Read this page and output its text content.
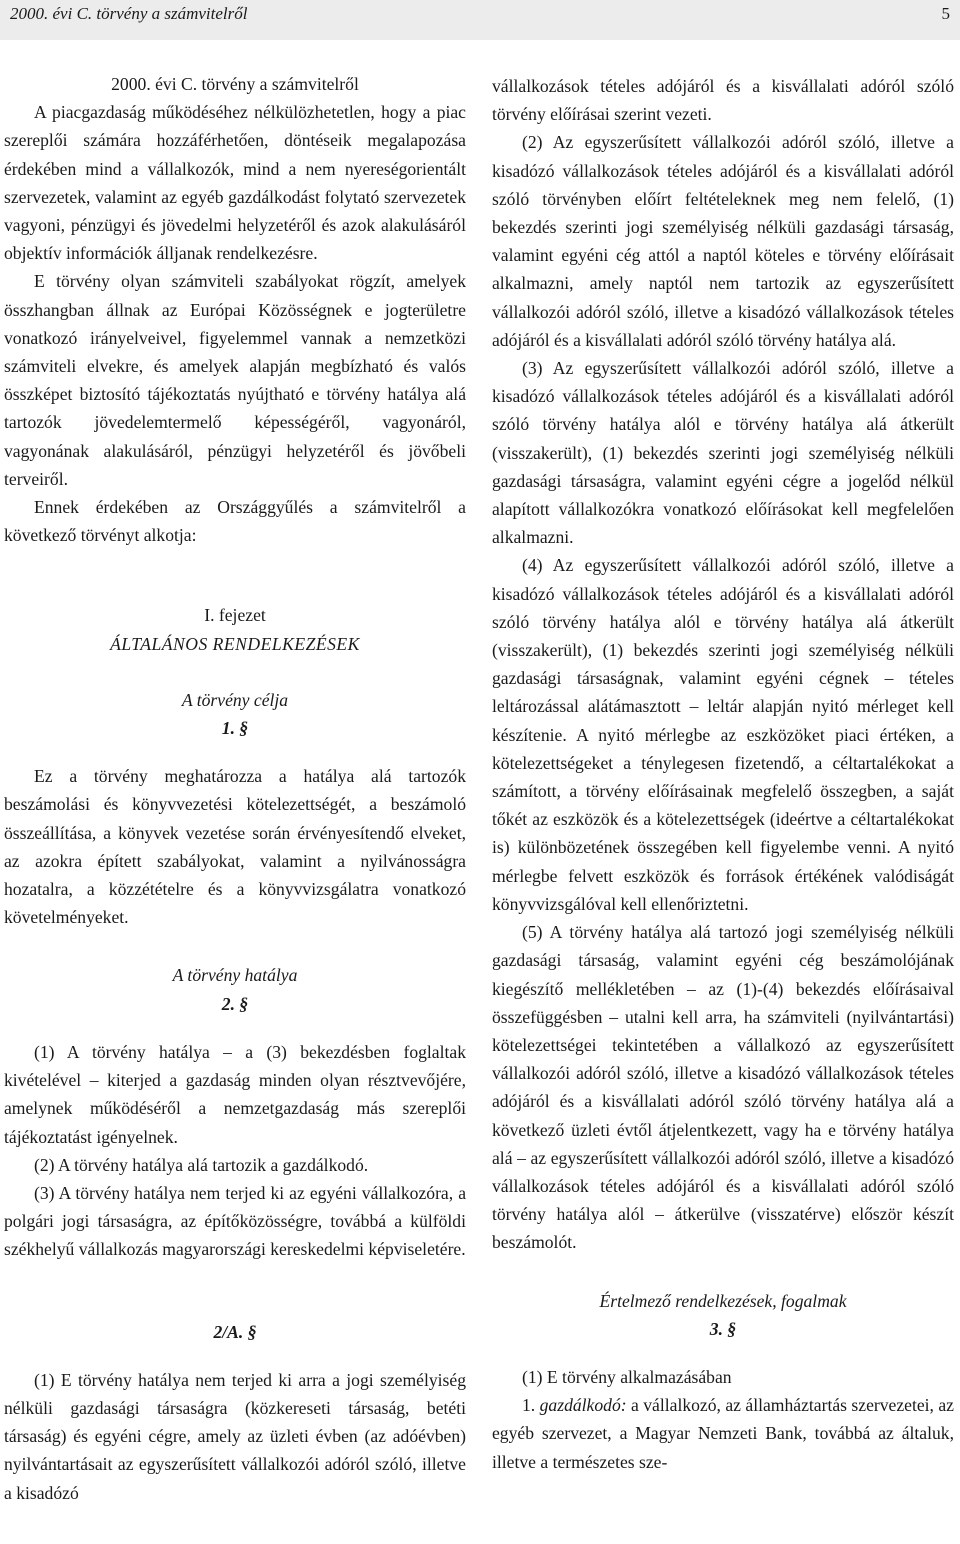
2000. évi C. törvény a számvitelről	5

2000. évi C. törvény a számvitelről

A piacgazdaság működéséhez nélkülözhetetlen, hogy a piac szereplői számára hozzáférhetően, döntéseik megalapozása érdekében mind a vállalkozók, mind a nem nyereségorientált szervezetek, valamint az egyéb gazdálkodást folytató szervezetek vagyoni, pénzügyi és jövedelmi helyzetéről és azok alakulásáról objektív információk álljanak rendelkezésre.

E törvény olyan számviteli szabályokat rögzít, amelyek összhangban állnak az Európai Közösségnek e jogterületre vonatkozó irányelveivel, figyelemmel vannak a nemzetközi számviteli elvekre, és amelyek alapján megbízható és valós összképet biztosító tájékoztatás nyújtható e törvény hatálya alá tartozók jövedelemtermelő képességéről, vagyonáról, vagyonának alakulásáról, pénzügyi helyzetéről és jövőbeli terveiről.

Ennek érdekében az Országgyűlés a számvitelről a következő törvényt alkotja:

I. fejezet

ÁLTALÁNOS RENDELKEZÉSEK

A törvény célja

1. §

Ez a törvény meghatározza a hatálya alá tartozók beszámolási és könyvvezetési kötelezettségét, a beszámoló összeállítása, a könyvek vezetése során érvényesítendő elveket, az azokra épített szabályokat, valamint a nyilvánosságra hozatalra, a közzétételre és a könyvvizsgálatra vonatkozó követelményeket.

A törvény hatálya

2. §

(1) A törvény hatálya – a (3) bekezdésben foglaltak kivételével – kiterjed a gazdaság minden olyan résztvevőjére, amelynek működéséről a nemzetgazdaság más szereplői tájékoztatást igényelnek.

(2) A törvény hatálya alá tartozik a gazdálkodó.

(3) A törvény hatálya nem terjed ki az egyéni vállalkozóra, a polgári jogi társaságra, az építőközösségre, továbbá a külföldi székhelyű vállalkozás magyarországi kereskedelmi képviseletére.

2/A. §

(1) E törvény hatálya nem terjed ki arra a jogi személyiség nélküli gazdasági társaságra (közkereseti társaság, betéti társaság) és egyéni cégre, amely az üzleti évben (az adóévben) nyilvántartásait az egyszerűsített vállalkozói adóról szóló, illetve a kisadózó

vállalkozások tételes adójáról és a kisvállalati adóról szóló törvény előírásai szerint vezeti.

(2) Az egyszerűsített vállalkozói adóról szóló, illetve a kisadózó vállalkozások tételes adójáról és a kisvállalati adóról szóló törvényben előírt feltételeknek meg nem felelő, (1) bekezdés szerinti jogi személyiség nélküli gazdasági társaság, valamint egyéni cég attól a naptól köteles e törvény előírásait alkalmazni, amely naptól nem tartozik az egyszerűsített vállalkozói adóról szóló, illetve a kisadózó vállalkozások tételes adójáról és a kisvállalati adóról szóló törvény hatálya alá.

(3) Az egyszerűsített vállalkozói adóról szóló, illetve a kisadózó vállalkozások tételes adójáról és a kisvállalati adóról szóló törvény hatálya alól e törvény hatálya alá átkerült (visszakerült), (1) bekezdés szerinti jogi személyiség nélküli gazdasági társaságra, valamint egyéni cégre a jogelőd nélkül alapított vállalkozókra vonatkozó előírásokat kell megfelelően alkalmazni.

(4) Az egyszerűsített vállalkozói adóról szóló, illetve a kisadózó vállalkozások tételes adójáról és a kisvállalati adóról szóló törvény hatálya alól e törvény hatálya alá átkerült (visszakerült), (1) bekezdés szerinti jogi személyiség nélküli gazdasági társaságnak, valamint egyéni cégnek – tételes leltározással alátámasztott – leltár alapján nyitó mérleget kell készítenie. A nyitó mérlegbe az eszközöket piaci értéken, a kötelezettségeket a ténylegesen fizetendő, a céltartalékokat a számított, a törvény előírásainak megfelelő összegben, a saját tőkét az eszközök és a kötelezettségek (ideértve a céltartalékokat is) különbözetének összegében kell figyelembe venni. A nyitó mérlegbe felvett eszközök és források értékének valódiságát könyvvizsgálóval kell ellenőriztetni.

(5) A törvény hatálya alá tartozó jogi személyiség nélküli gazdasági társaság, valamint egyéni cég beszámolójának kiegészítő mellékletében – az (1)-(4) bekezdés előírásaival összefüggésben – utalni kell arra, ha számviteli (nyilvántartási) kötelezettségei tekintetében a vállalkozó az egyszerűsített vállalkozói adóról szóló, illetve a kisadózó vállalkozások tételes adójáról és a kisvállalati adóról szóló törvény hatálya alá a következő üzleti évtől átjelentkezett, vagy ha e törvény hatálya alá – az egyszerűsített vállalkozói adóról szóló, illetve a kisadózó vállalkozások tételes adójáról és a kisvállalati adóról szóló törvény hatálya alól – átkerülve (visszatérve) először készít beszámolót.

Értelmező rendelkezések, fogalmak

3. §

(1) E törvény alkalmazásában

1. gazdálkodó: a vállalkozó, az államháztartás szervezetei, az egyéb szervezet, a Magyar Nemzeti Bank, továbbá az általuk, illetve a természetes sze-
